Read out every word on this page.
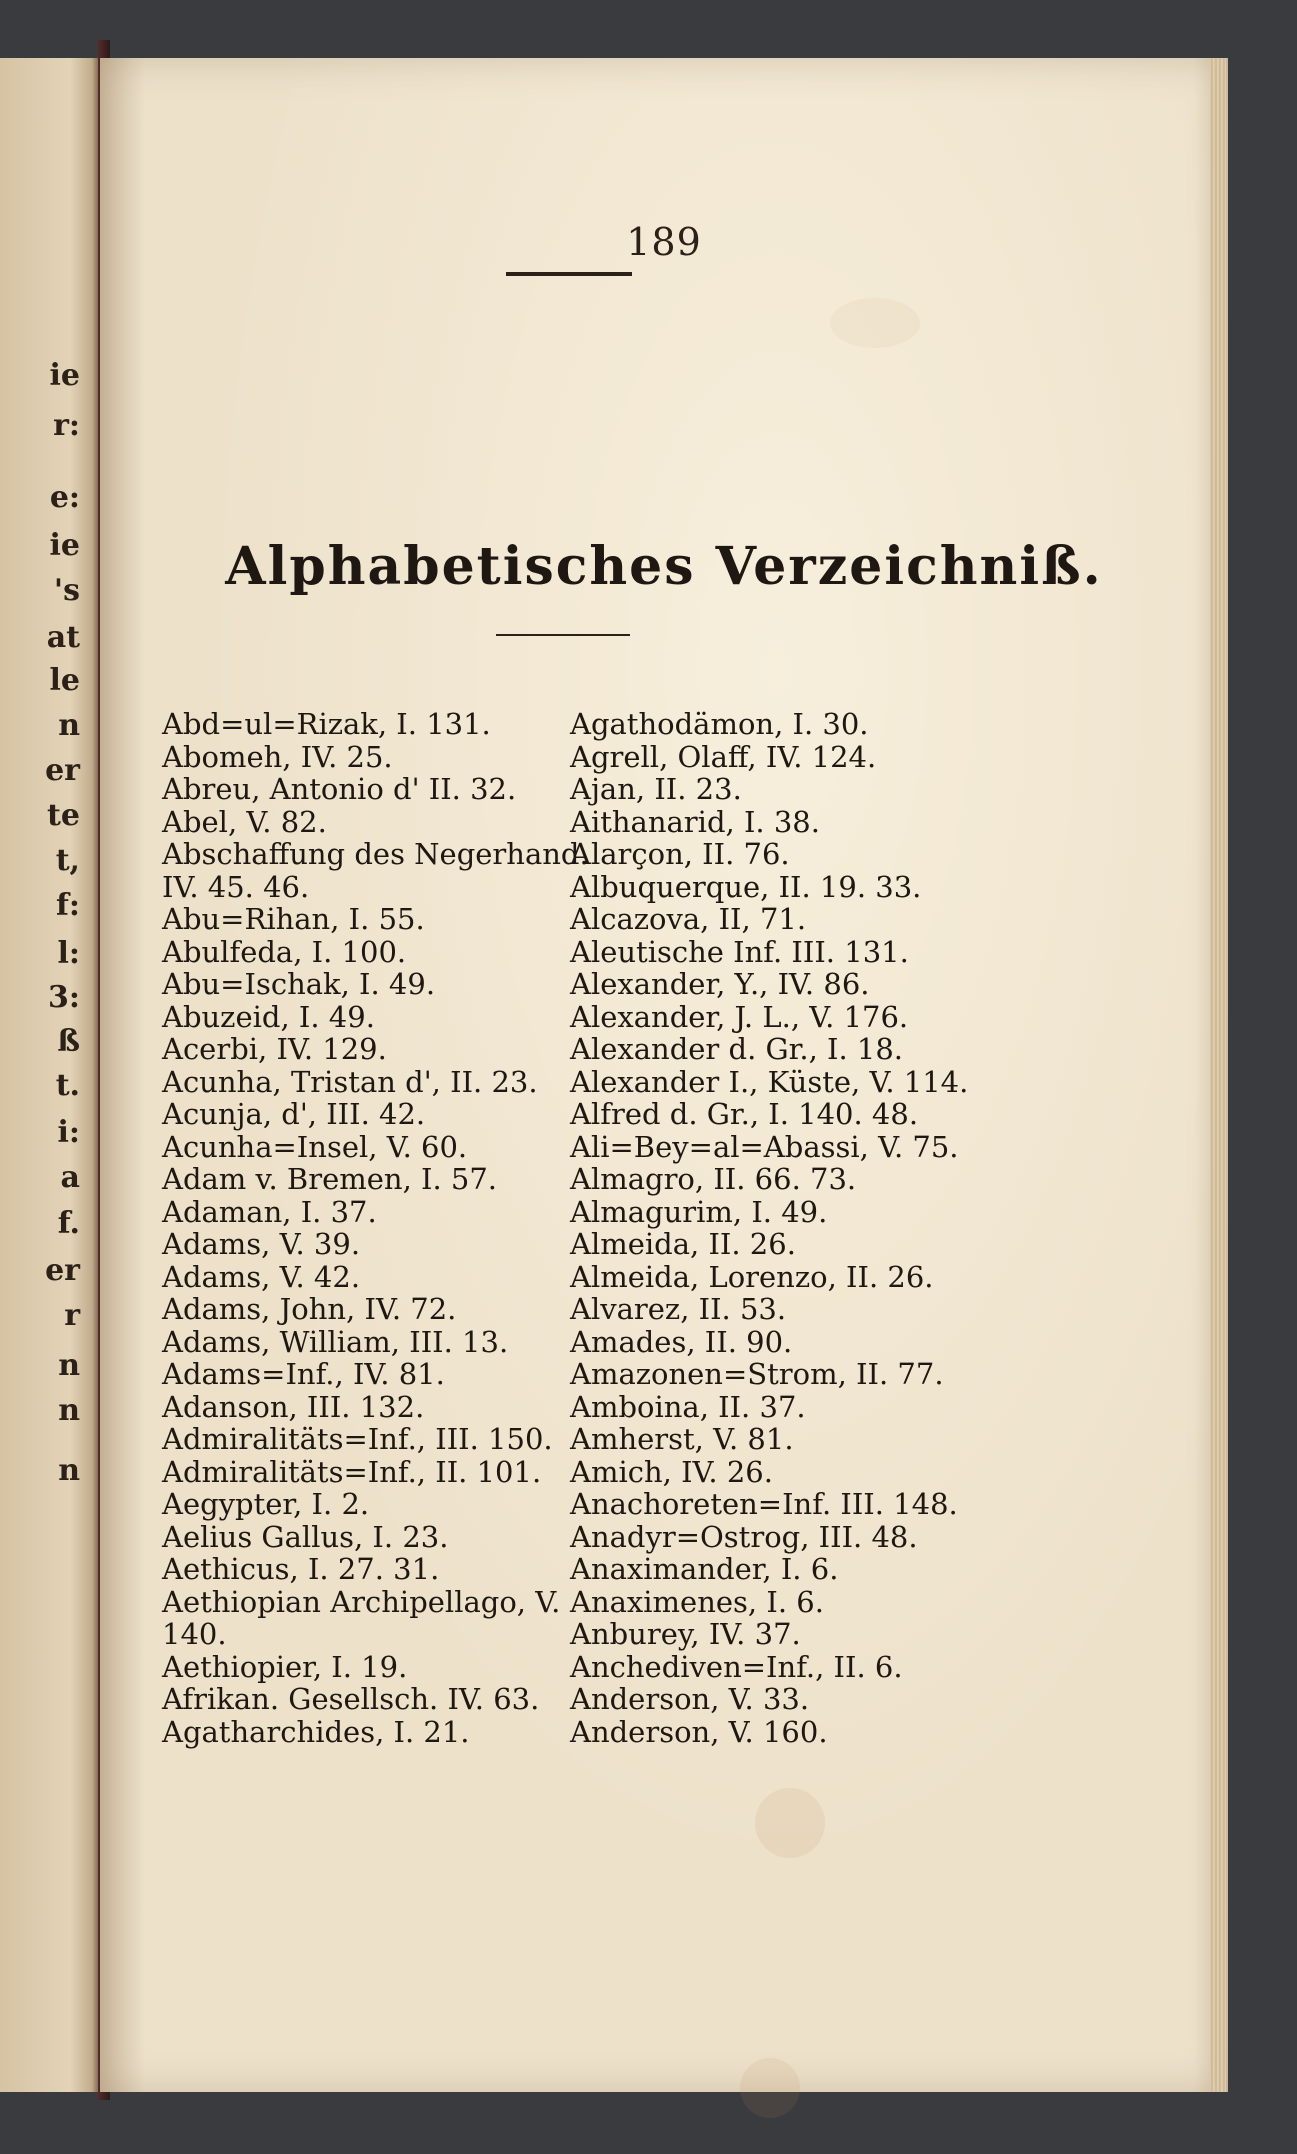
ie
r:
e:
ie
's
at
le
n
er
te
t,
f:
l:
3:
ß
t.
i:
a
f.
er
r
n
n
n
189
Alphabetisches Verzeichniß.
Abd=ul=Rizak, I. 131.
Abomeh, IV. 25.
Abreu, Antonio d' II. 32.
Abel, V. 82.
Abschaffung des Negerhand.
IV. 45. 46.
Abu=Rihan, I. 55.
Abulfeda, I. 100.
Abu=Ischak, I. 49.
Abuzeid, I. 49.
Acerbi, IV. 129.
Acunha, Tristan d', II. 23.
Acunja, d', III. 42.
Acunha=Insel, V. 60.
Adam v. Bremen, I. 57.
Adaman, I. 37.
Adams, V. 39.
Adams, V. 42.
Adams, John, IV. 72.
Adams, William, III. 13.
Adams=Inf., IV. 81.
Adanson, III. 132.
Admiralitäts=Inf., III. 150.
Admiralitäts=Inf., II. 101.
Aegypter, I. 2.
Aelius Gallus, I. 23.
Aethicus, I. 27. 31.
Aethiopian Archipellago, V.
140.
Aethiopier, I. 19.
Afrikan. Gesellsch. IV. 63.
Agatharchides, I. 21.
Agathodämon, I. 30.
Agrell, Olaff, IV. 124.
Ajan, II. 23.
Aithanarid, I. 38.
Alarçon, II. 76.
Albuquerque, II. 19. 33.
Alcazova, II, 71.
Aleutische Inf. III. 131.
Alexander, Y., IV. 86.
Alexander, J. L., V. 176.
Alexander d. Gr., I. 18.
Alexander I., Küste, V. 114.
Alfred d. Gr., I. 140. 48.
Ali=Bey=al=Abassi, V. 75.
Almagro, II. 66. 73.
Almagurim, I. 49.
Almeida, II. 26.
Almeida, Lorenzo, II. 26.
Alvarez, II. 53.
Amades, II. 90.
Amazonen=Strom, II. 77.
Amboina, II. 37.
Amherst, V. 81.
Amich, IV. 26.
Anachoreten=Inf. III. 148.
Anadyr=Ostrog, III. 48.
Anaximander, I. 6.
Anaximenes, I. 6.
Anburey, IV. 37.
Anchediven=Inf., II. 6.
Anderson, V. 33.
Anderson, V. 160.
